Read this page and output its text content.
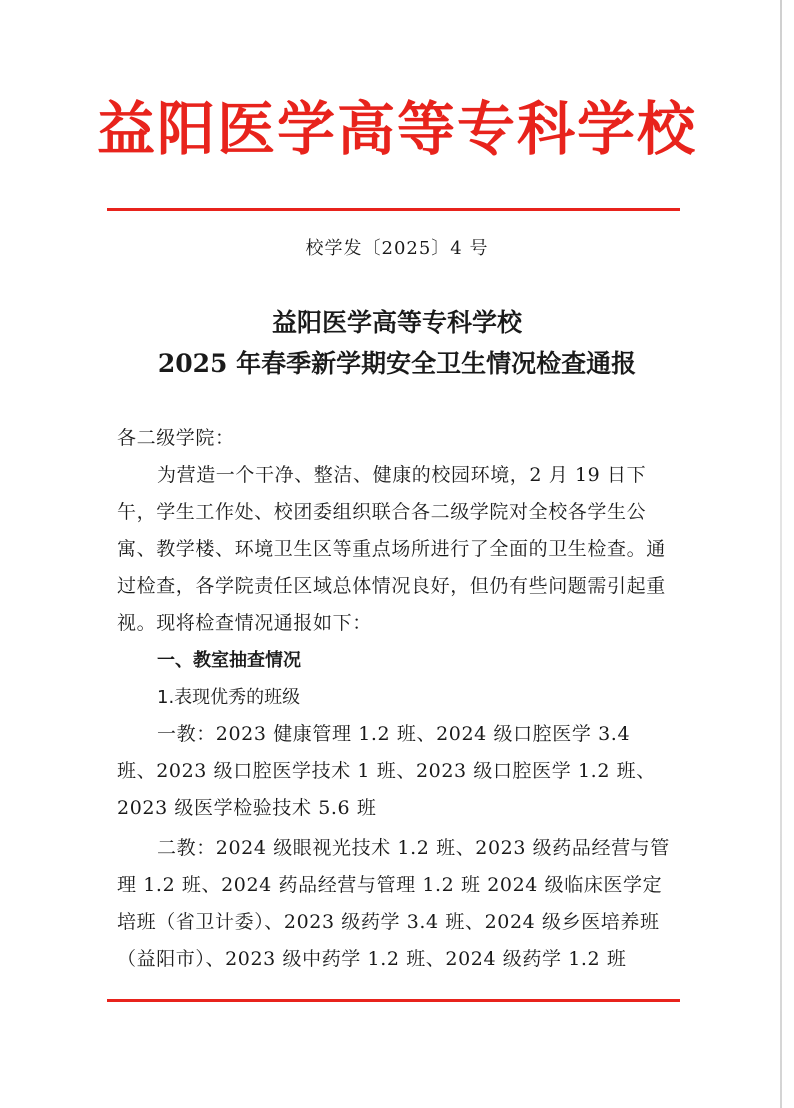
益阳医学高等专科学校
校学发〔2025〕4 号
益阳医学高等专科学校
2025 年春季新学期安全卫生情况检查通报
各二级学院：

为营造一个干净、整洁、健康的校园环境，2 月 19 日下午，学生工作处、校团委组织联合各二级学院对全校各学生公寓、教学楼、环境卫生区等重点场所进行了全面的卫生检查。通过检查，各学院责任区域总体情况良好，但仍有些问题需引起重视。现将检查情况通报如下：

一、教室抽查情况
1.表现优秀的班级

一教：2023 健康管理 1.2 班、2024 级口腔医学 3.4 班、2023 级口腔医学技术 1 班、2023 级口腔医学 1.2 班、2023 级医学检验技术 5.6 班

二教：2024 级眼视光技术 1.2 班、2023 级药品经营与管理 1.2 班、2024 药品经营与管理 1.2 班 2024 级临床医学定培班（省卫计委）、2023 级药学 3.4 班、2024 级乡医培养班（益阳市）、2023 级中药学 1.2 班、2024 级药学 1.2 班
